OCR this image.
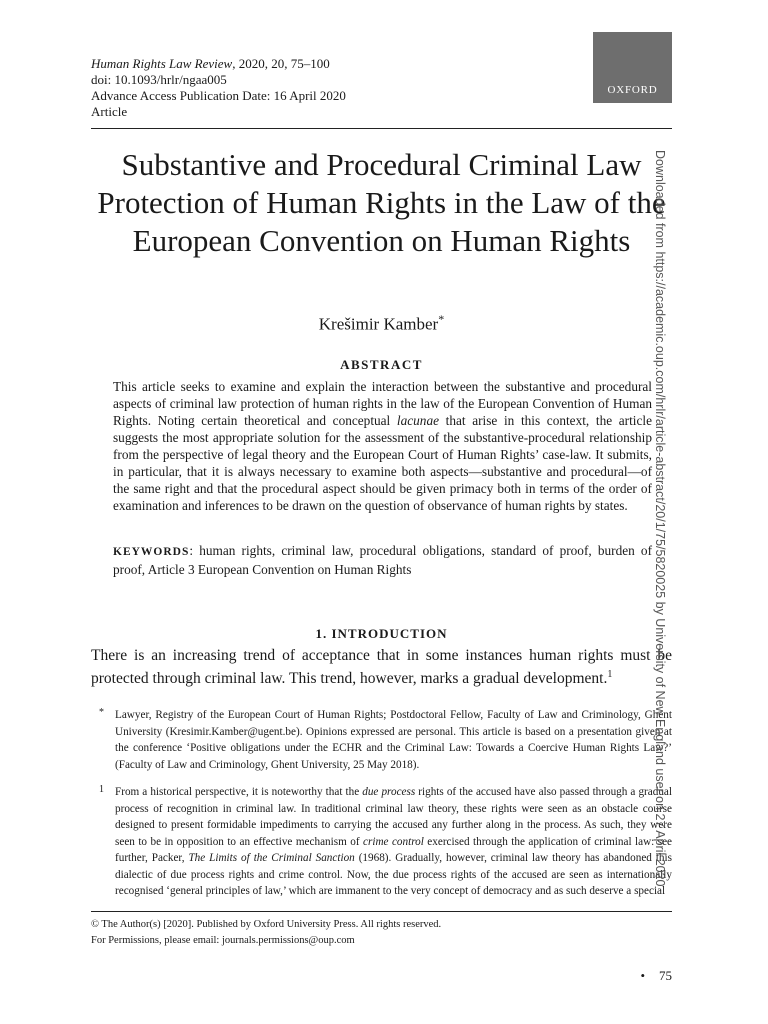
Human Rights Law Review, 2020, 20, 75–100
doi: 10.1093/hrlr/ngaa005
Advance Access Publication Date: 16 April 2020
Article
OXFORD
Substantive and Procedural Criminal Law Protection of Human Rights in the Law of the European Convention on Human Rights
Krešimir Kamber*
ABSTRACT

This article seeks to examine and explain the interaction between the substantive and procedural aspects of criminal law protection of human rights in the law of the European Convention of Human Rights. Noting certain theoretical and conceptual lacunae that arise in this context, the article suggests the most appropriate solution for the assessment of the substantive-procedural relationship from the perspective of legal theory and the European Court of Human Rights’ case-law. It submits, in particular, that it is always necessary to examine both aspects—substantive and procedural—of the same right and that the procedural aspect should be given primacy both in terms of the order of examination and inferences to be drawn on the question of observance of human rights by states.

KEYWORDS: human rights, criminal law, procedural obligations, standard of proof, burden of proof, Article 3 European Convention on Human Rights

1. INTRODUCTION

There is an increasing trend of acceptance that in some instances human rights must be protected through criminal law. This trend, however, marks a gradual development.$^1$

* Lawyer, Registry of the European Court of Human Rights; Postdoctoral Fellow, Faculty of Law and Criminology, Ghent University (Kresimir.Kamber@ugent.be). Opinions expressed are personal. This article is based on a presentation given at the conference ‘Positive obligations under the ECHR and the Criminal Law: Towards a Coercive Human Rights Law?’ (Faculty of Law and Criminology, Ghent University, 25 May 2018).

1 From a historical perspective, it is noteworthy that the due process rights of the accused have also passed through a gradual process of recognition in criminal law. In traditional criminal law theory, these rights were seen as an obstacle course designed to present formidable impediments to carrying the accused any further along in the process. As such, they were seen to be in opposition to an effective mechanism of crime control exercised through the application of criminal law: see further, Packer, The Limits of the Criminal Sanction (1968). Gradually, however, criminal law theory has abandoned this dialectic of due process rights and crime control. Now, the due process rights of the accused are seen as internationally recognised ‘general principles of law,’ which are immanent to the very concept of democracy and as such deserve a special

© The Author(s) [2020]. Published by Oxford University Press. All rights reserved.
For Permissions, please email: journals.permissions@oup.com
• 75
Downloaded from https://academic.oup.com/hrlr/article-abstract/20/1/75/5820025 by University of New England user on 27 April 2020
